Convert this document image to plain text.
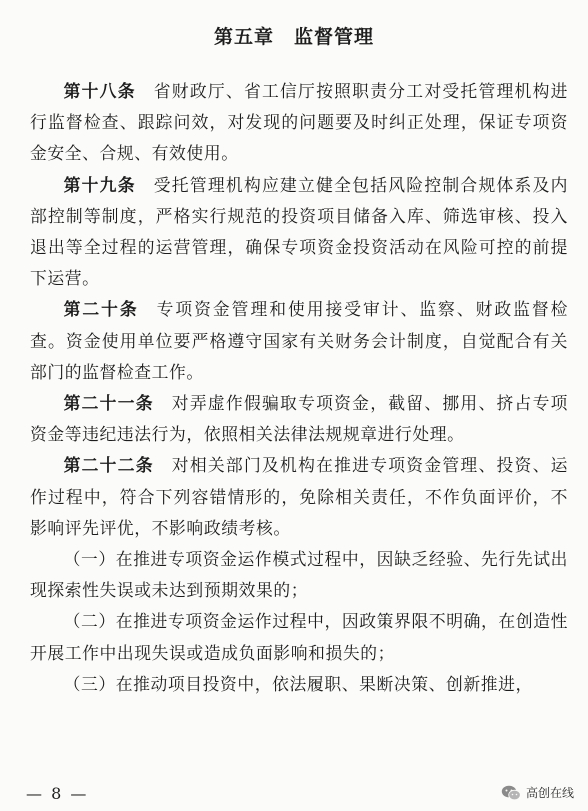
第五章　监督管理

第十八条 省财政厅、省工信厅按照职责分工对受托管理机构进行监督检查、跟踪问效，对发现的问题要及时纠正处理，保证专项资金安全、合规、有效使用。

第十九条 受托管理机构应建立健全包括风险控制合规体系及内部控制等制度，严格实行规范的投资项目储备入库、筛选审核、投入退出等全过程的运营管理，确保专项资金投资活动在风险可控的前提下运营。

第二十条 专项资金管理和使用接受审计、监察、财政监督检查。资金使用单位要严格遵守国家有关财务会计制度，自觉配合有关部门的监督检查工作。

第二十一条 对弄虚作假骗取专项资金，截留、挪用、挤占专项资金等违纪违法行为，依照相关法律法规规章进行处理。

第二十二条 对相关部门及机构在推进专项资金管理、投资、运作过程中，符合下列容错情形的，免除相关责任，不作负面评价，不影响评先评优，不影响政绩考核。

（一）在推进专项资金运作模式过程中，因缺乏经验、先行先试出现探索性失误或未达到预期效果的；

（二）在推进专项资金运作过程中，因政策界限不明确，在创造性开展工作中出现失误或造成负面影响和损失的；

（三）在推动项目投资中，依法履职、果断决策、创新推进，

— 8 —	高创在线
